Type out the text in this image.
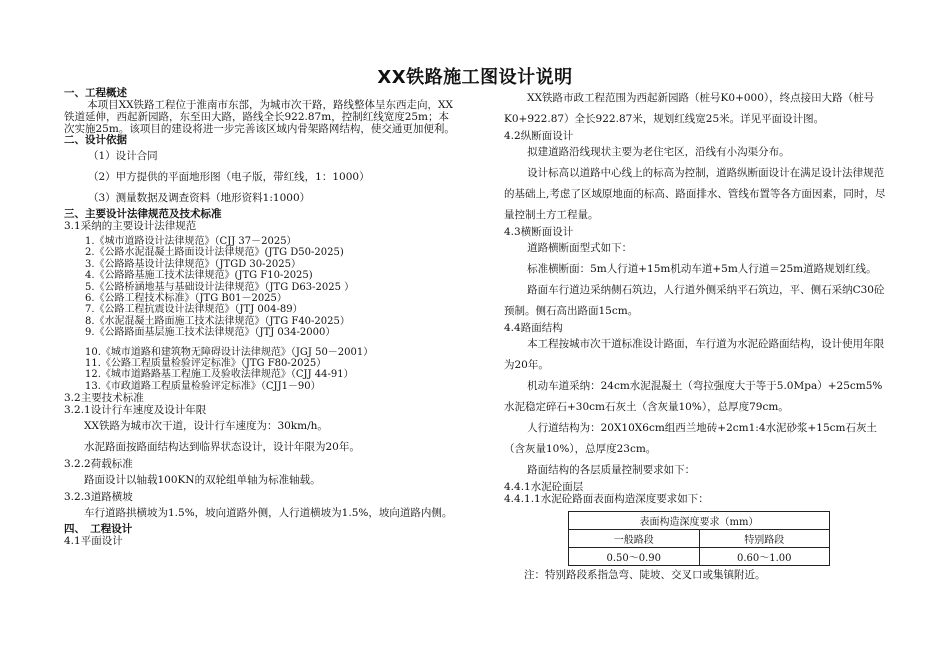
XX铁路施工图设计说明
一、工程概述
本项目XX铁路工程位于淮南市东部，为城市次干路，路线整体呈东西走向，XX铁道延伸，西起新园路，东至田大路，路线全长922.87m，控制红线宽度25m；本次实施25m。该项目的建设将进一步完善该区域内骨架路网结构，使交通更加便利。
二、设计依据
（1）设计合同
（2）甲方提供的平面地形图（电子版，带红线，1：1000）
（3）测量数据及调查资料（地形资料1:1000）
三、主要设计法律规范及技术标准
3.1采纳的主要设计法律规范
1.《城市道路设计法律规范》（CJJ 37－2025）
2.《公路水泥混凝土路面设计法律规范》(JTG D50-2025)
3.《公路路基设计法律规范》（JTGD 30-2025）
4.《公路路基施工技术法律规范》(JTG F10-2025)
5.《公路桥涵地基与基础设计法律规范》（JTG D63-2025 ）
6.《公路工程技术标准》（JTG B01－2025）
7.《公路工程抗震设计法律规范》（JTJ 004-89）
8.《水泥混凝土路面施工技术法律规范》（JTG F40-2025）
9.《公路路面基层施工技术法律规范》（JTJ 034-2000）
10.《城市道路和建筑物无障碍设计法律规范》（JGJ 50－2001）
11.《公路工程质量检验评定标准》（JTG F80-2025）
12.《城市道路路基工程施工及验收法律规范》（CJJ 44-91）
13.《市政道路工程质量检验评定标准》（CJJ1－90）
3.2主要技术标准
3.2.1设计行车速度及设计年限
XX铁路为城市次干道，设计行车速度为：30km/h。
水泥路面按路面结构达到临界状态设计，设计年限为20年。
3.2.2荷载标准
路面设计以轴载100KN的双轮组单轴为标准轴载。
3.2.3道路横坡
车行道路拱横坡为1.5%，坡向道路外侧，人行道横坡为1.5%，坡向道路内侧。
四、　工程设计
4.1平面设计
XX铁路市政工程范围为西起新园路（桩号K0+000），终点接田大路（桩号K0+922.87）全长922.87米，规划红线宽25米。详见平面设计图。
4.2纵断面设计
拟建道路沿线现状主要为老住宅区，沿线有小沟渠分布。
设计标高以道路中心线上的标高为控制，道路纵断面设计在满足设计法律规范的基础上,考虑了区域原地面的标高、路面排水、管线布置等各方面因素，同时，尽量控制土方工程量。
4.3横断面设计
道路横断面型式如下：
标准横断面：5m人行道+15m机动车道+5m人行道＝25m道路规划红线。
路面车行道边采纳侧石筑边，人行道外侧采纳平石筑边，平、侧石采纳C30砼预制。侧石高出路面15cm。
4.4路面结构
本工程按城市次干道标准设计路面，车行道为水泥砼路面结构，设计使用年限为20年。
机动车道采纳：24cm水泥混凝土（弯拉强度大于等于5.0Mpa）+25cm5%水泥稳定碎石+30cm石灰土（含灰量10%），总厚度79cm。
人行道结构为：20X10X6cm组西兰地砖+2cm1:4水泥砂浆+15cm石灰土（含灰量10%），总厚度23cm。
路面结构的各层质量控制要求如下：
4.4.1水泥砼面层
4.4.1.1水泥砼路面表面构造深度要求如下：
表面构造深度要求（mm）	
一般路段	特别路段
0.50～0.90	0.60～1.00
注：特别路段系指急弯、陡坡、交叉口或集镇附近。
